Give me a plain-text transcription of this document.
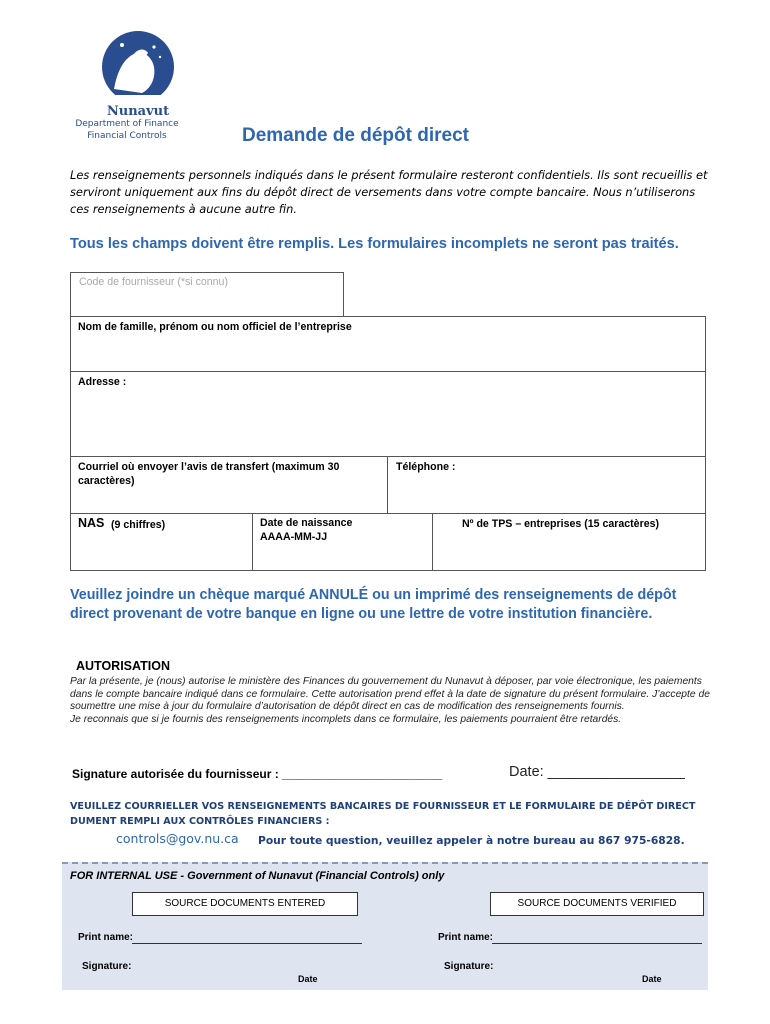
Nunavut
Department of Finance
Financial Controls	Demande de dépôt direct
Les renseignements personnels indiqués dans le présent formulaire resteront confidentiels. Ils sont recueillis et serviront uniquement aux fins du dépôt direct de versements dans votre compte bancaire. Nous n’utiliserons ces renseignements à aucune autre fin.
Tous les champs doivent être remplis. Les formulaires incomplets ne seront pas traités.
Code de fournisseur (*si connu)
Nom de famille, prénom ou nom officiel de l’entreprise
Adresse :
Courriel où envoyer l’avis de transfert (maximum 30 caractères)
Téléphone :
NAS (9 chiffres)	Date de naissance
AAAA-MM-JJ
Nº de TPS – entreprises (15 caractères)
Veuillez joindre un chèque marqué ANNULÉ ou un imprimé des renseignements de dépôt direct provenant de votre banque en ligne ou une lettre de votre institution financière.
AUTORISATION
Par la présente, je (nous) autorise le ministère des Finances du gouvernement du Nunavut à déposer, par voie électronique, les paiements dans le compte bancaire indiqué dans ce formulaire. Cette autorisation prend effet à la date de signature du présent formulaire. J’accepte de soumettre une mise à jour du formulaire d’autorisation de dépôt direct en cas de modification des renseignements fournis.
Je reconnais que si je fournis des renseignements incomplets dans ce formulaire, les paiements pourraient être retardés.
Signature autorisée du fournisseur : ________________________	Date: _________________
VEUILLEZ COURRIELLER VOS RENSEIGNEMENTS BANCAIRES DE FOURNISSEUR ET LE FORMULAIRE DE DÉPÔT DIRECT DUMENT REMPLI AUX CONTRÔLES FINANCIERS :
controls@gov.nu.ca Pour toute question, veuillez appeler à notre bureau au 867 975-6828.
FOR INTERNAL USE - Government of Nunavut (Financial Controls) only
SOURCE DOCUMENTS ENTERED	SOURCE DOCUMENTS VERIFIED
Print name:	Print name:
Signature:	Signature:
Date	Date
